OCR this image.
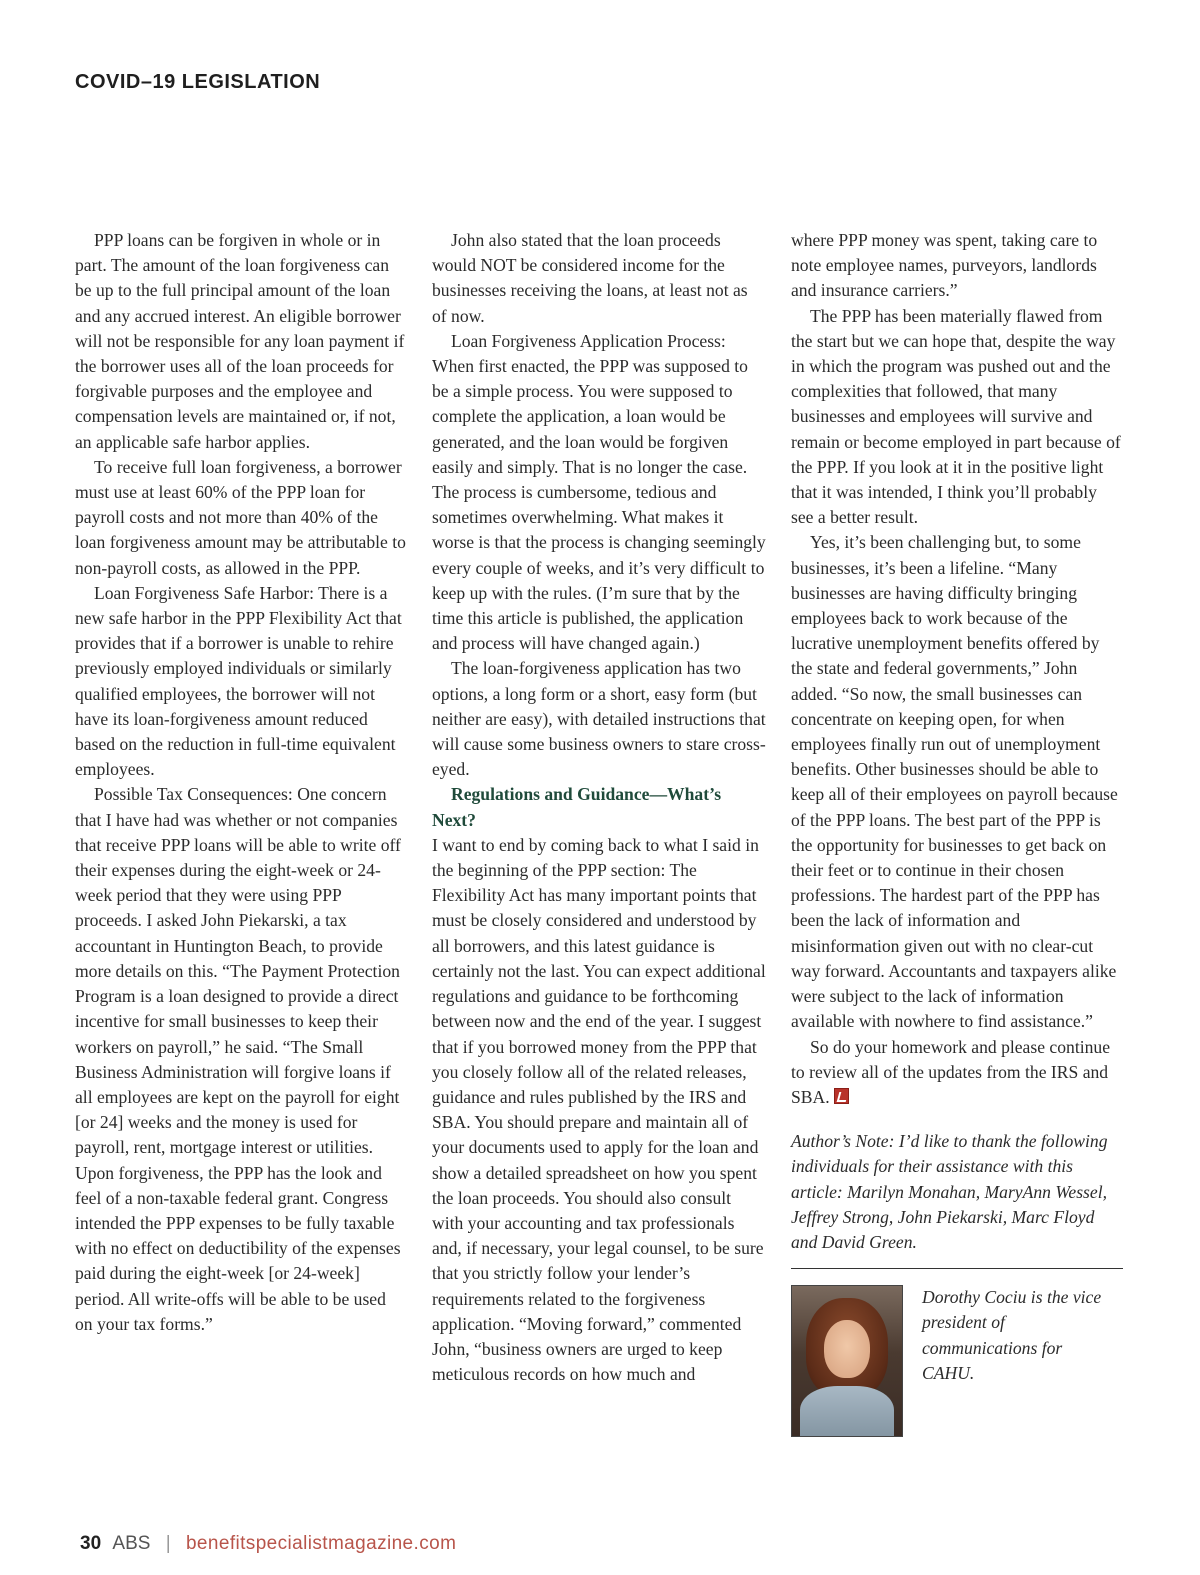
COVID–19 LEGISLATION

PPP loans can be forgiven in whole or in part. The amount of the loan forgiveness can be up to the full principal amount of the loan and any accrued interest. An eligible borrower will not be responsible for any loan payment if the borrower uses all of the loan proceeds for forgivable purposes and the employee and compensation levels are maintained or, if not, an applicable safe harbor applies.

To receive full loan forgiveness, a borrower must use at least 60% of the PPP loan for payroll costs and not more than 40% of the loan forgiveness amount may be attributable to non-payroll costs, as allowed in the PPP.

Loan Forgiveness Safe Harbor: There is a new safe harbor in the PPP Flexibility Act that provides that if a borrower is unable to rehire previously employed individuals or similarly qualified employees, the borrower will not have its loan-forgiveness amount reduced based on the reduction in full-time equivalent employees.

Possible Tax Consequences: One concern that I have had was whether or not companies that receive PPP loans will be able to write off their expenses during the eight-week or 24-week period that they were using PPP proceeds. I asked John Piekarski, a tax accountant in Huntington Beach, to provide more details on this. “The Payment Protection Program is a loan designed to provide a direct incentive for small businesses to keep their workers on payroll,” he said. “The Small Business Administration will forgive loans if all employees are kept on the payroll for eight [or 24] weeks and the money is used for payroll, rent, mortgage interest or utilities. Upon forgiveness, the PPP has the look and feel of a non-taxable federal grant. Congress intended the PPP expenses to be fully taxable with no effect on deductibility of the expenses paid during the eight-week [or 24-week] period. All write-offs will be able to be used on your tax forms.”

John also stated that the loan proceeds would NOT be considered income for the businesses receiving the loans, at least not as of now.

Loan Forgiveness Application Process: When first enacted, the PPP was supposed to be a simple process. You were supposed to complete the application, a loan would be generated, and the loan would be forgiven easily and simply. That is no longer the case. The process is cumbersome, tedious and sometimes overwhelming. What makes it worse is that the process is changing seemingly every couple of weeks, and it’s very difficult to keep up with the rules. (I’m sure that by the time this article is published, the application and process will have changed again.)

The loan-forgiveness application has two options, a long form or a short, easy form (but neither are easy), with detailed instructions that will cause some business owners to stare cross-eyed.

Regulations and Guidance—What’s Next?

I want to end by coming back to what I said in the beginning of the PPP section: The Flexibility Act has many important points that must be closely considered and understood by all borrowers, and this latest guidance is certainly not the last. You can expect additional regulations and guidance to be forthcoming between now and the end of the year. I suggest that if you borrowed money from the PPP that you closely follow all of the related releases, guidance and rules published by the IRS and SBA. You should prepare and maintain all of your documents used to apply for the loan and show a detailed spreadsheet on how you spent the loan proceeds. You should also consult with your accounting and tax professionals and, if necessary, your legal counsel, to be sure that you strictly follow your lender’s requirements related to the forgiveness application. “Moving forward,” commented John, “business owners are urged to keep meticulous records on how much and

where PPP money was spent, taking care to note employee names, purveyors, landlords and insurance carriers.”

The PPP has been materially flawed from the start but we can hope that, despite the way in which the program was pushed out and the complexities that followed, that many businesses and employees will survive and remain or become employed in part because of the PPP. If you look at it in the positive light that it was intended, I think you’ll probably see a better result.

Yes, it’s been challenging but, to some businesses, it’s been a lifeline. “Many businesses are having difficulty bringing employees back to work because of the lucrative unemployment benefits offered by the state and federal governments,” John added. “So now, the small businesses can concentrate on keeping open, for when employees finally run out of unemployment benefits. Other businesses should be able to keep all of their employees on payroll because of the PPP loans. The best part of the PPP is the opportunity for businesses to get back on their feet or to continue in their chosen professions. The hardest part of the PPP has been the lack of information and misinformation given out with no clear-cut way forward. Accountants and taxpayers alike were subject to the lack of information available with nowhere to find assistance.”

So do your homework and please continue to review all of the updates from the IRS and SBA.

Author’s Note: I’d like to thank the following individuals for their assistance with this article: Marilyn Monahan, MaryAnn Wessel, Jeffrey Strong, John Piekarski, Marc Floyd and David Green.

Dorothy Cociu is the vice president of communications for CAHU.
30 ABS | benefitspecialistmagazine.com
